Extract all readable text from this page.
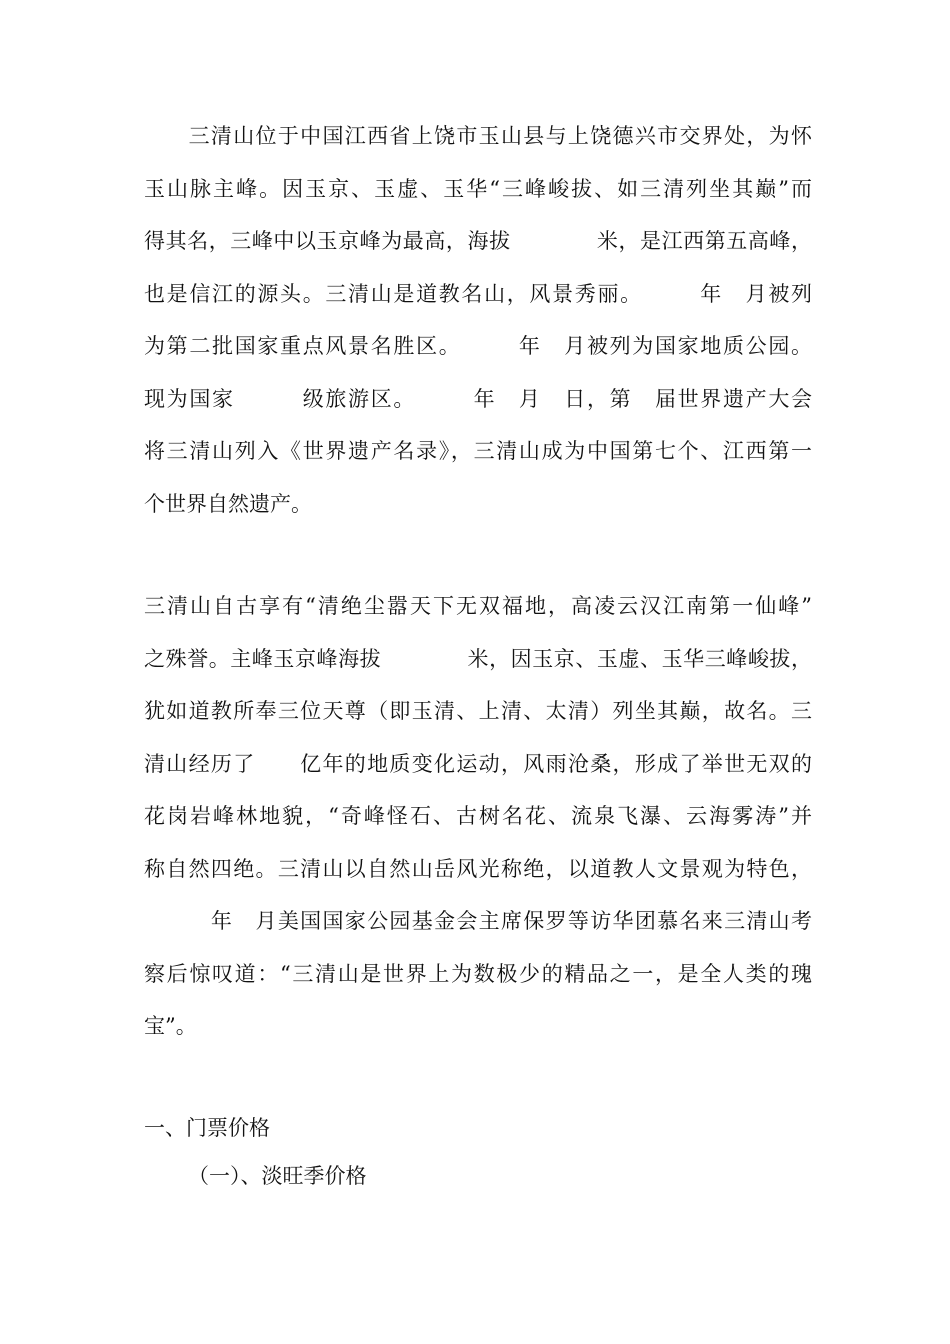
　　三清山位于中国江西省上饶市玉山县与上饶德兴市交界处，为怀
玉山脉主峰。因玉京、玉虚、玉华“三峰峻拔、如三清列坐其巅”而
得其名，三峰中以玉京峰为最高，海拔　　　　米，是江西第五高峰，
也是信江的源头。三清山是道教名山，风景秀丽。　　　年　月被列
为第二批国家重点风景名胜区。　　　年　月被列为国家地质公园。
现为国家　　　级旅游区。　　　年　月　日，第　届世界遗产大会
将三清山列入《世界遗产名录》，三清山成为中国第七个、江西第一
个世界自然遗产。
三清山自古享有“清绝尘嚣天下无双福地，高凌云汉江南第一仙峰”
之殊誉。主峰玉京峰海拔　　　　米，因玉京、玉虚、玉华三峰峻拔，
犹如道教所奉三位天尊（即玉清、上清、太清）列坐其巅，故名。三
清山经历了　　亿年的地质变化运动，风雨沧桑，形成了举世无双的
花岗岩峰林地貌，“奇峰怪石、古树名花、流泉飞瀑、云海雾涛”并
称自然四绝。三清山以自然山岳风光称绝，以道教人文景观为特色，
　　　年　月美国国家公园基金会主席保罗等访华团慕名来三清山考
察后惊叹道：“三清山是世界上为数极少的精品之一，是全人类的瑰
宝”。

一、门票价格

（一）、淡旺季价格
